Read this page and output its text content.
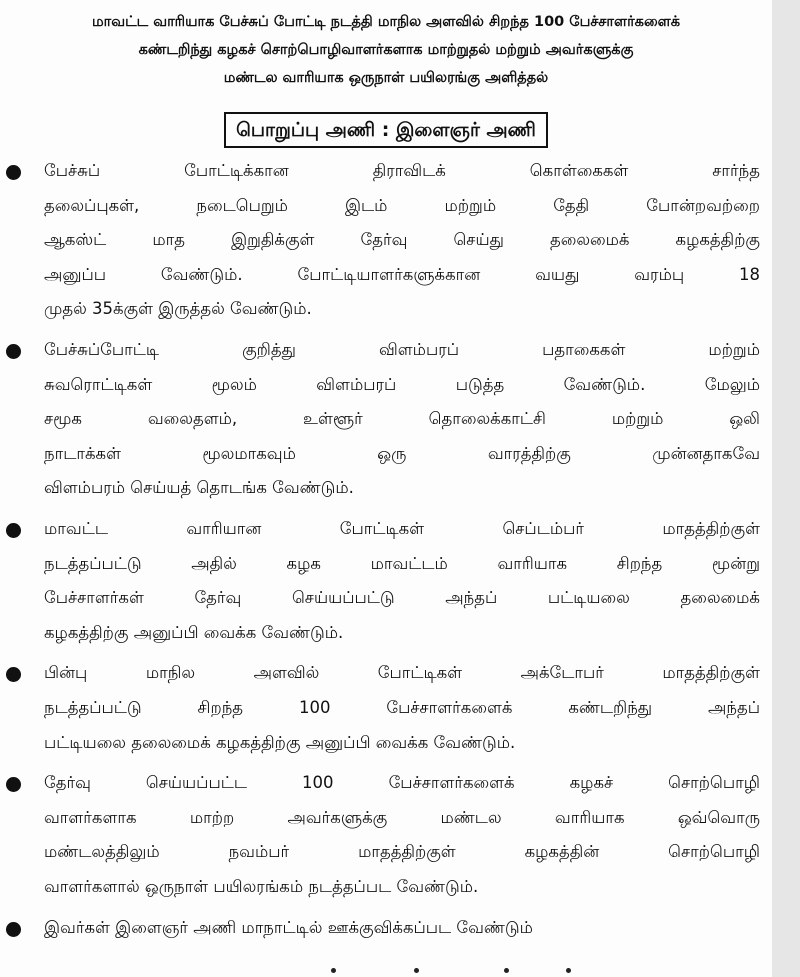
மாவட்ட வாரியாக பேச்சுப் போட்டி நடத்தி மாநில அளவில் சிறந்த 100 பேச்சாளர்களைக்
கண்டறிந்து கழகச் சொற்பொழிவாளர்களாக மாற்றுதல் மற்றும் அவர்களுக்கு
மண்டல வாரியாக ஒருநாள் பயிலரங்கு அளித்தல்
பொறுப்பு அணி : இளைஞர் அணி
பேச்சுப் போட்டிக்கான திராவிடக் கொள்கைகள் சார்ந்த
தலைப்புகள், நடைபெறும் இடம் மற்றும் தேதி போன்றவற்றை
ஆகஸ்ட் மாத இறுதிக்குள் தேர்வு செய்து தலைமைக் கழகத்திற்கு
அனுப்ப வேண்டும். போட்டியாளர்களுக்கான வயது வரம்பு 18
முதல் 35க்குள் இருத்தல் வேண்டும்.
பேச்சுப்போட்டி குறித்து விளம்பரப் பதாகைகள் மற்றும்
சுவரொட்டிகள் மூலம் விளம்பரப் படுத்த வேண்டும். மேலும்
சமூக வலைதளம், உள்ளூர் தொலைக்காட்சி மற்றும் ஒலி
நாடாக்கள் மூலமாகவும் ஒரு வாரத்திற்கு முன்னதாகவே
விளம்பரம் செய்யத் தொடங்க வேண்டும்.
மாவட்ட வாரியான போட்டிகள் செப்டம்பர் மாதத்திற்குள்
நடத்தப்பட்டு அதில் கழக மாவட்டம் வாரியாக சிறந்த மூன்று
பேச்சாளர்கள் தேர்வு செய்யப்பட்டு அந்தப் பட்டியலை தலைமைக்
கழகத்திற்கு அனுப்பி வைக்க வேண்டும்.
பின்பு மாநில அளவில் போட்டிகள் அக்டோபர் மாதத்திற்குள்
நடத்தப்பட்டு சிறந்த 100 பேச்சாளர்களைக் கண்டறிந்து அந்தப்
பட்டியலை தலைமைக் கழகத்திற்கு அனுப்பி வைக்க வேண்டும்.
தேர்வு செய்யப்பட்ட 100 பேச்சாளர்களைக் கழகச் சொற்பொழி
வாளர்களாக மாற்ற அவர்களுக்கு மண்டல வாரியாக ஒவ்வொரு
மண்டலத்திலும் நவம்பர் மாதத்திற்குள் கழகத்தின் சொற்பொழி
வாளர்களால் ஒருநாள் பயிலரங்கம் நடத்தப்பட வேண்டும்.
இவர்கள் இளைஞர் அணி மாநாட்டில் ஊக்குவிக்கப்பட வேண்டும்
